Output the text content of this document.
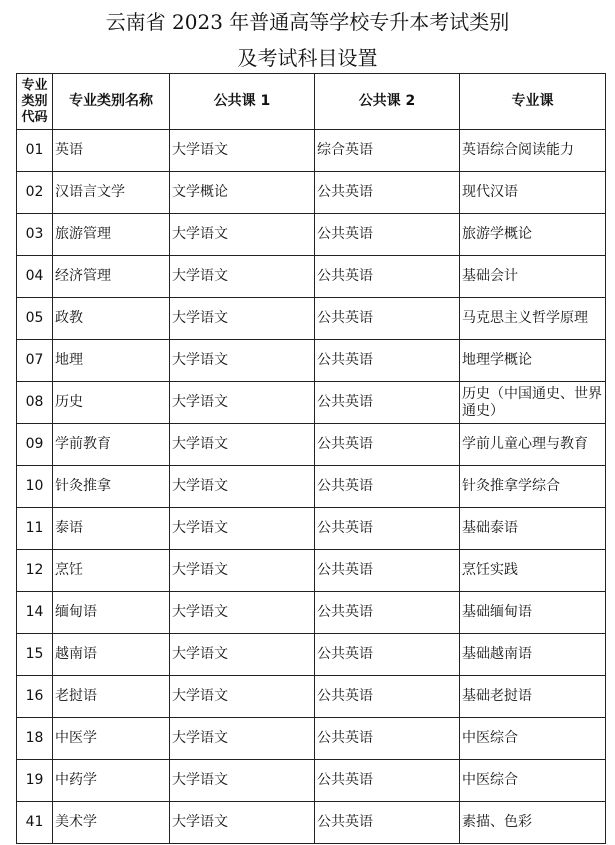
云南省 2023 年普通高等学校专升本考试类别
及考试科目设置
专业类别代码	专业类别名称	公共课 1	公共课 2	专业课
01	英语	大学语文	综合英语	英语综合阅读能力
02	汉语言文学	文学概论	公共英语	现代汉语
03	旅游管理	大学语文	公共英语	旅游学概论
04	经济管理	大学语文	公共英语	基础会计
05	政教	大学语文	公共英语	马克思主义哲学原理
07	地理	大学语文	公共英语	地理学概论
08	历史	大学语文	公共英语	历史（中国通史、世界通史）
09	学前教育	大学语文	公共英语	学前儿童心理与教育
10	针灸推拿	大学语文	公共英语	针灸推拿学综合
11	泰语	大学语文	公共英语	基础泰语
12	烹饪	大学语文	公共英语	烹饪实践
14	缅甸语	大学语文	公共英语	基础缅甸语
15	越南语	大学语文	公共英语	基础越南语
16	老挝语	大学语文	公共英语	基础老挝语
18	中医学	大学语文	公共英语	中医综合
19	中药学	大学语文	公共英语	中医综合
41	美术学	大学语文	公共英语	素描、色彩
